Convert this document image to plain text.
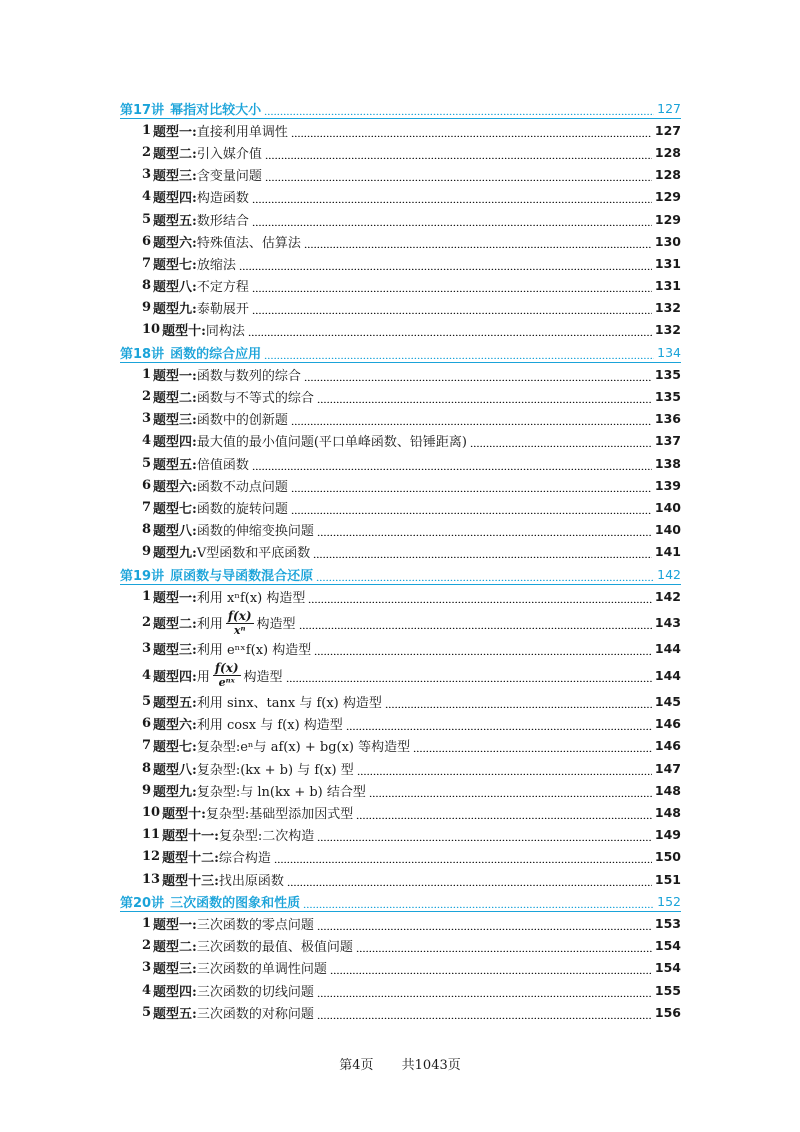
第17讲 幂指对比较大小	127
1 题型一: 直接利用单调性	127
2 题型二: 引入媒介值	128
3 题型三: 含变量问题	128
4 题型四: 构造函数	129
5 题型五: 数形结合	129
6 题型六: 特殊值法、估算法	130
7 题型七: 放缩法	131
8 题型八: 不定方程	131
9 题型九: 泰勒展开	132
10 题型十: 同构法	132
第18讲 函数的综合应用	134
1 题型一: 函数与数列的综合	135
2 题型二: 函数与不等式的综合	135
3 题型三: 函数中的创新题	136
4 题型四: 最大值的最小值问题(平口单峰函数、铅锤距离)	137
5 题型五: 倍值函数	138
6 题型六: 函数不动点问题	139
7 题型七: 函数的旋转问题	140
8 题型八: 函数的伸缩变换问题	140
9 题型九: V型函数和平底函数	141
第19讲 原函数与导函数混合还原	142
1 题型一: 利用 xⁿf(x) 构造型	142
2 题型二: 利用 $\frac{f(x)}{\text{xⁿ}}$ 构造型	143
3 题型三: 利用 eⁿˣf(x) 构造型	144
4 题型四: 用 $\frac{f(x)}{\text{eⁿˣ}}$ 构造型	144
5 题型五: 利用 sinx、tanx 与 f(x) 构造型	145
6 题型六: 利用 cosx 与 f(x) 构造型	146
7 题型七: 复杂型:eⁿ与 af(x) + bg(x) 等构造型	146
8 题型八: 复杂型:(kx + b) 与 f(x) 型	147
9 题型九: 复杂型:与 ln(kx + b) 结合型	148
10 题型十: 复杂型:基础型添加因式型	148
11 题型十一: 复杂型:二次构造	149
12 题型十二: 综合构造	150
13 题型十三: 找出原函数	151
第20讲 三次函数的图象和性质	152
1 题型一: 三次函数的零点问题	153
2 题型二: 三次函数的最值、极值问题	154
3 题型三: 三次函数的单调性问题	154
4 题型四: 三次函数的切线问题	155
5 题型五: 三次函数的对称问题	156
第4页 共1043页
